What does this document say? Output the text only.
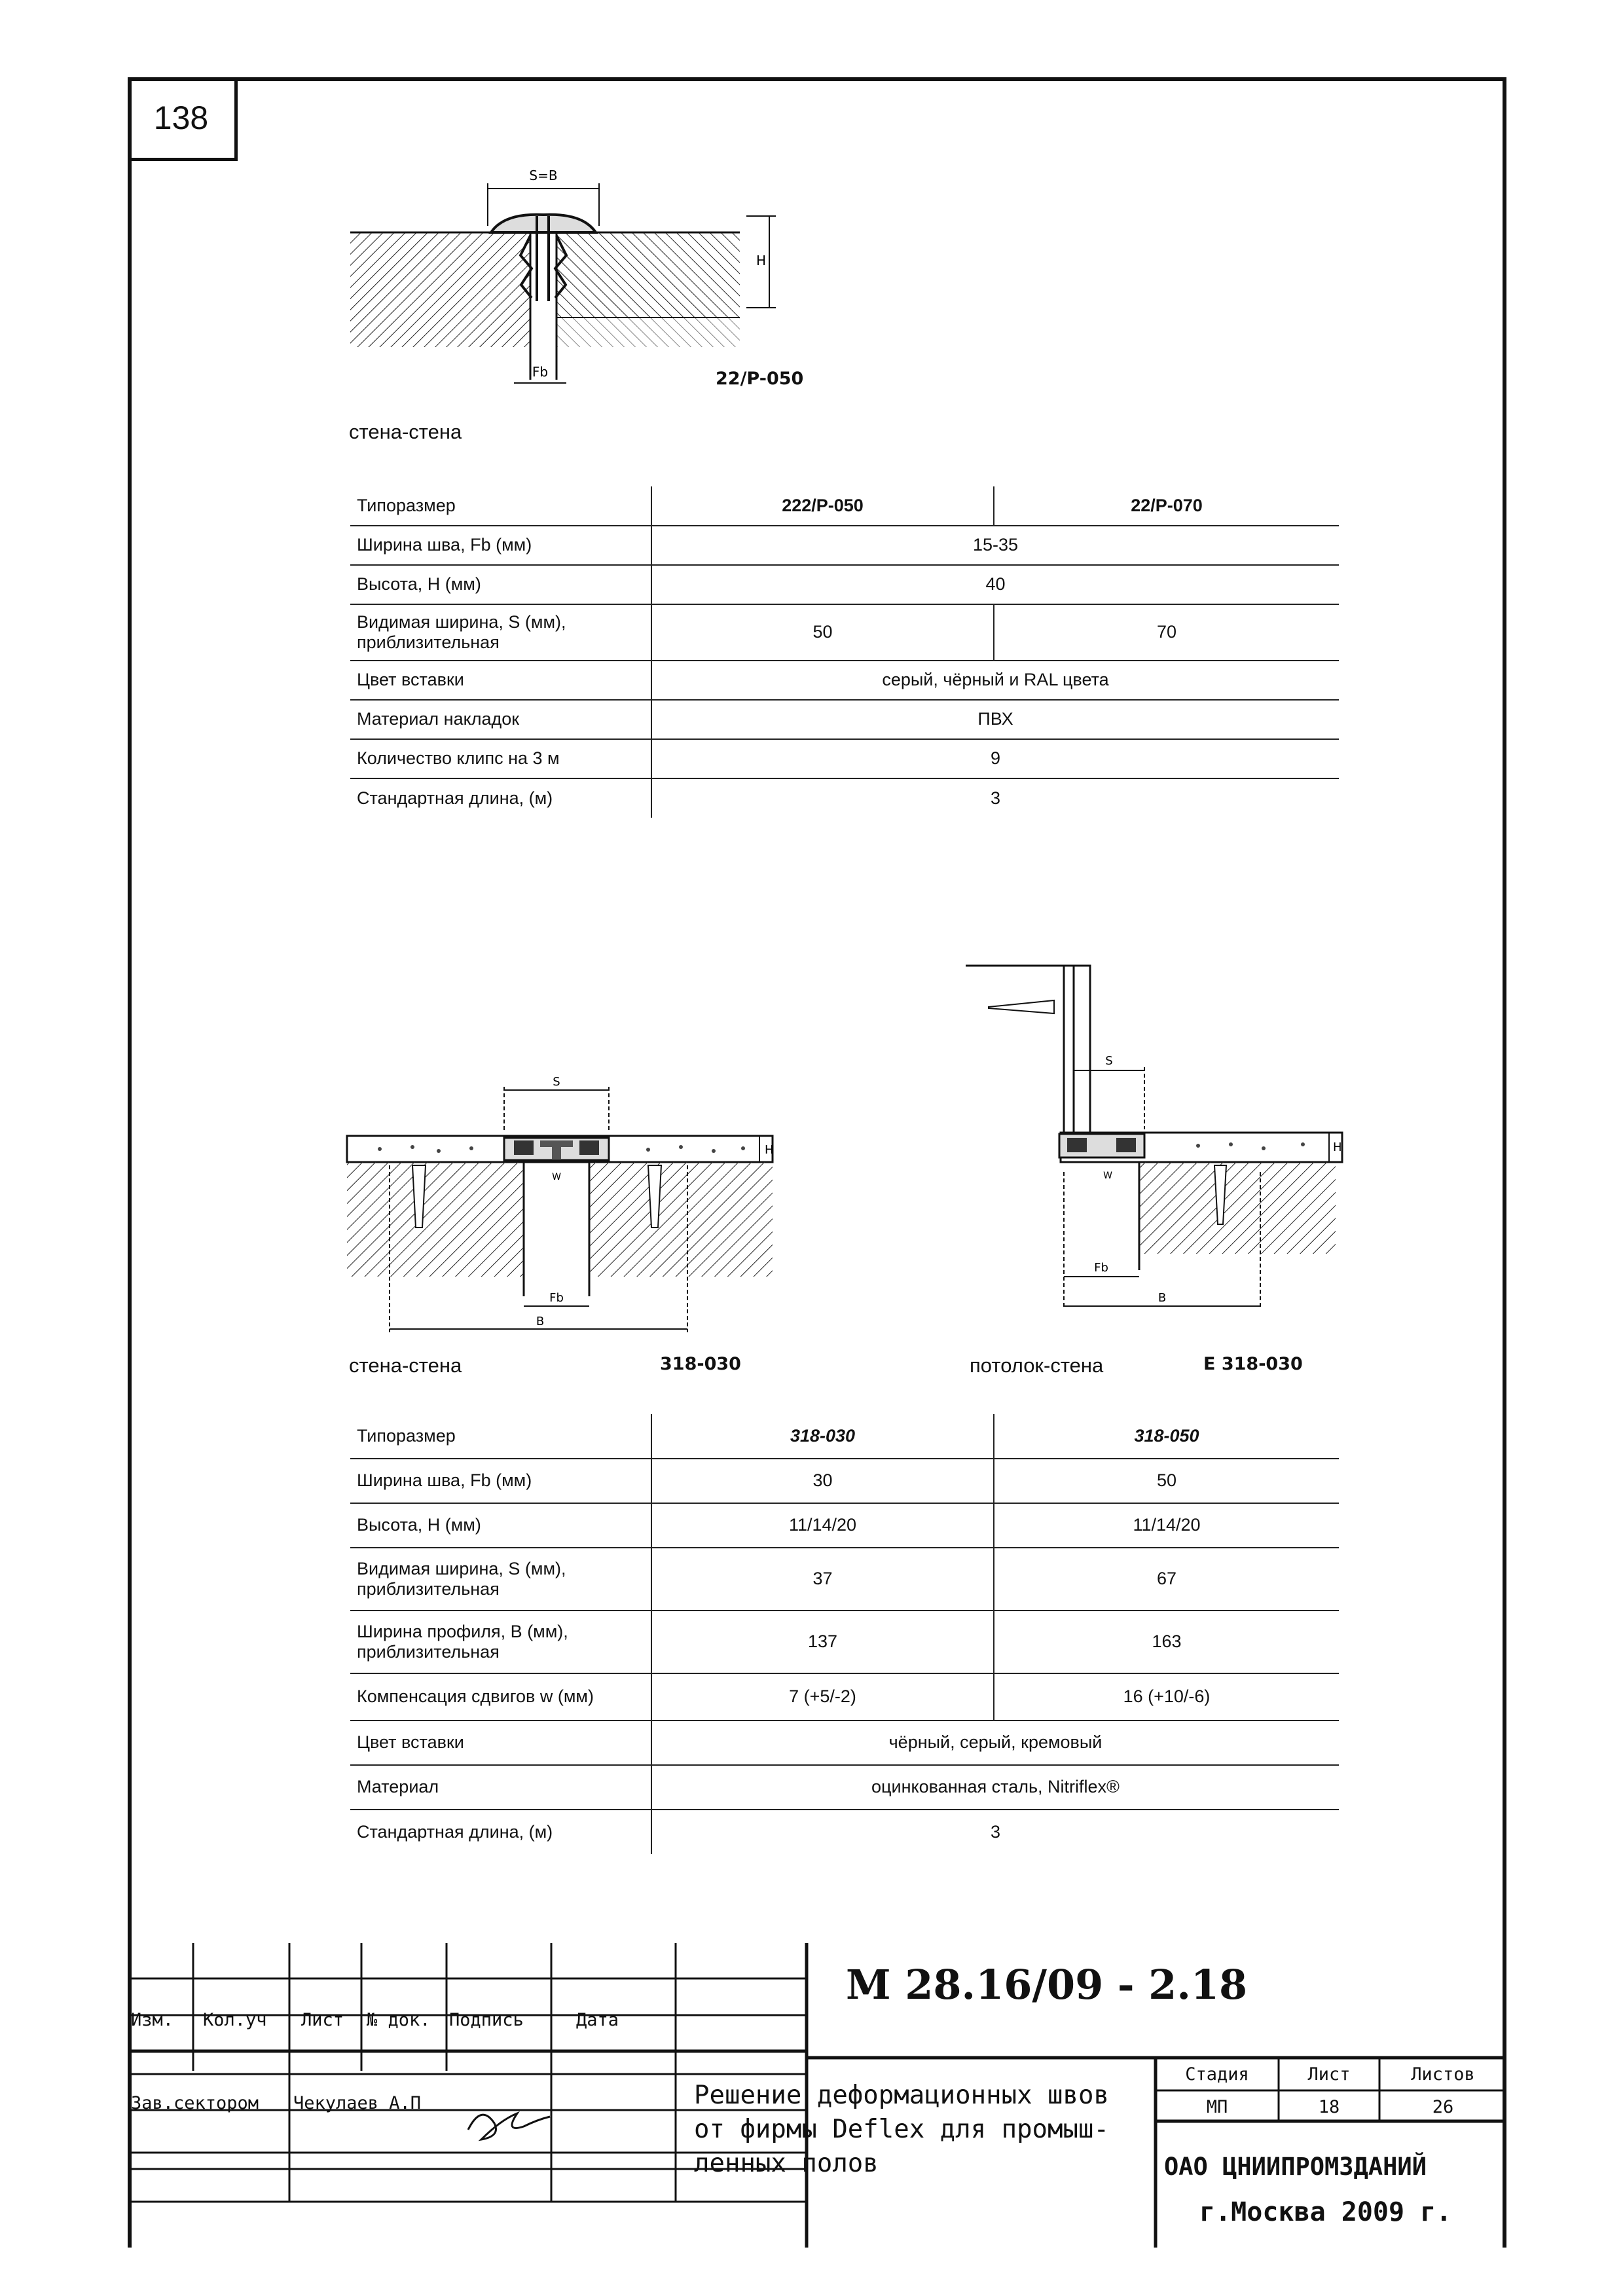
138
S=B
H
Fb	22/P-050
стена-стена
Типоразмер	222/P-050	22/P-070
Ширина шва, Fb (мм)	15-35	
Высота, H (мм)	40	
Видимая ширина, S (мм),
приблизительная	50	70
Цвет вставки	серый, чёрный и RAL цвета	
Материал накладок	ПВХ	
Количество клипс на 3 м	9	
Стандартная длина, (м)	3	
S
H
W
Fb
B
стена-стена	318-030
S
H
W
Fb
B
потолок-стена	E 318-030
Типоразмер	318-030	318-050
Ширина шва, Fb (мм)	30	50
Высота, H (мм)	11/14/20	11/14/20
Видимая ширина, S (мм),
приблизительная	37	67
Ширина профиля, B (мм),
приблизительная	137	163
Компенсация сдвигов w (мм)	7 (+5/-2)	16 (+10/-6)
Цвет вставки	чёрный, серый, кремовый	
Материал	оцинкованная сталь, Nitriflex®	
Стандартная длина, (м)	3	
М 28.16/09 - 2.18
Изм. Кол.уч Лист № док. Подпись	Дата
Зав.сектором Чекулаев А.П	Решение деформационных швов
от фирмы Deflex для промыш-
ленных полов
Стадия	Лист	Листов
МП	18	26
ОАО ЦНИИПРОМЗДАНИЙ
г.Москва 2009 г.
